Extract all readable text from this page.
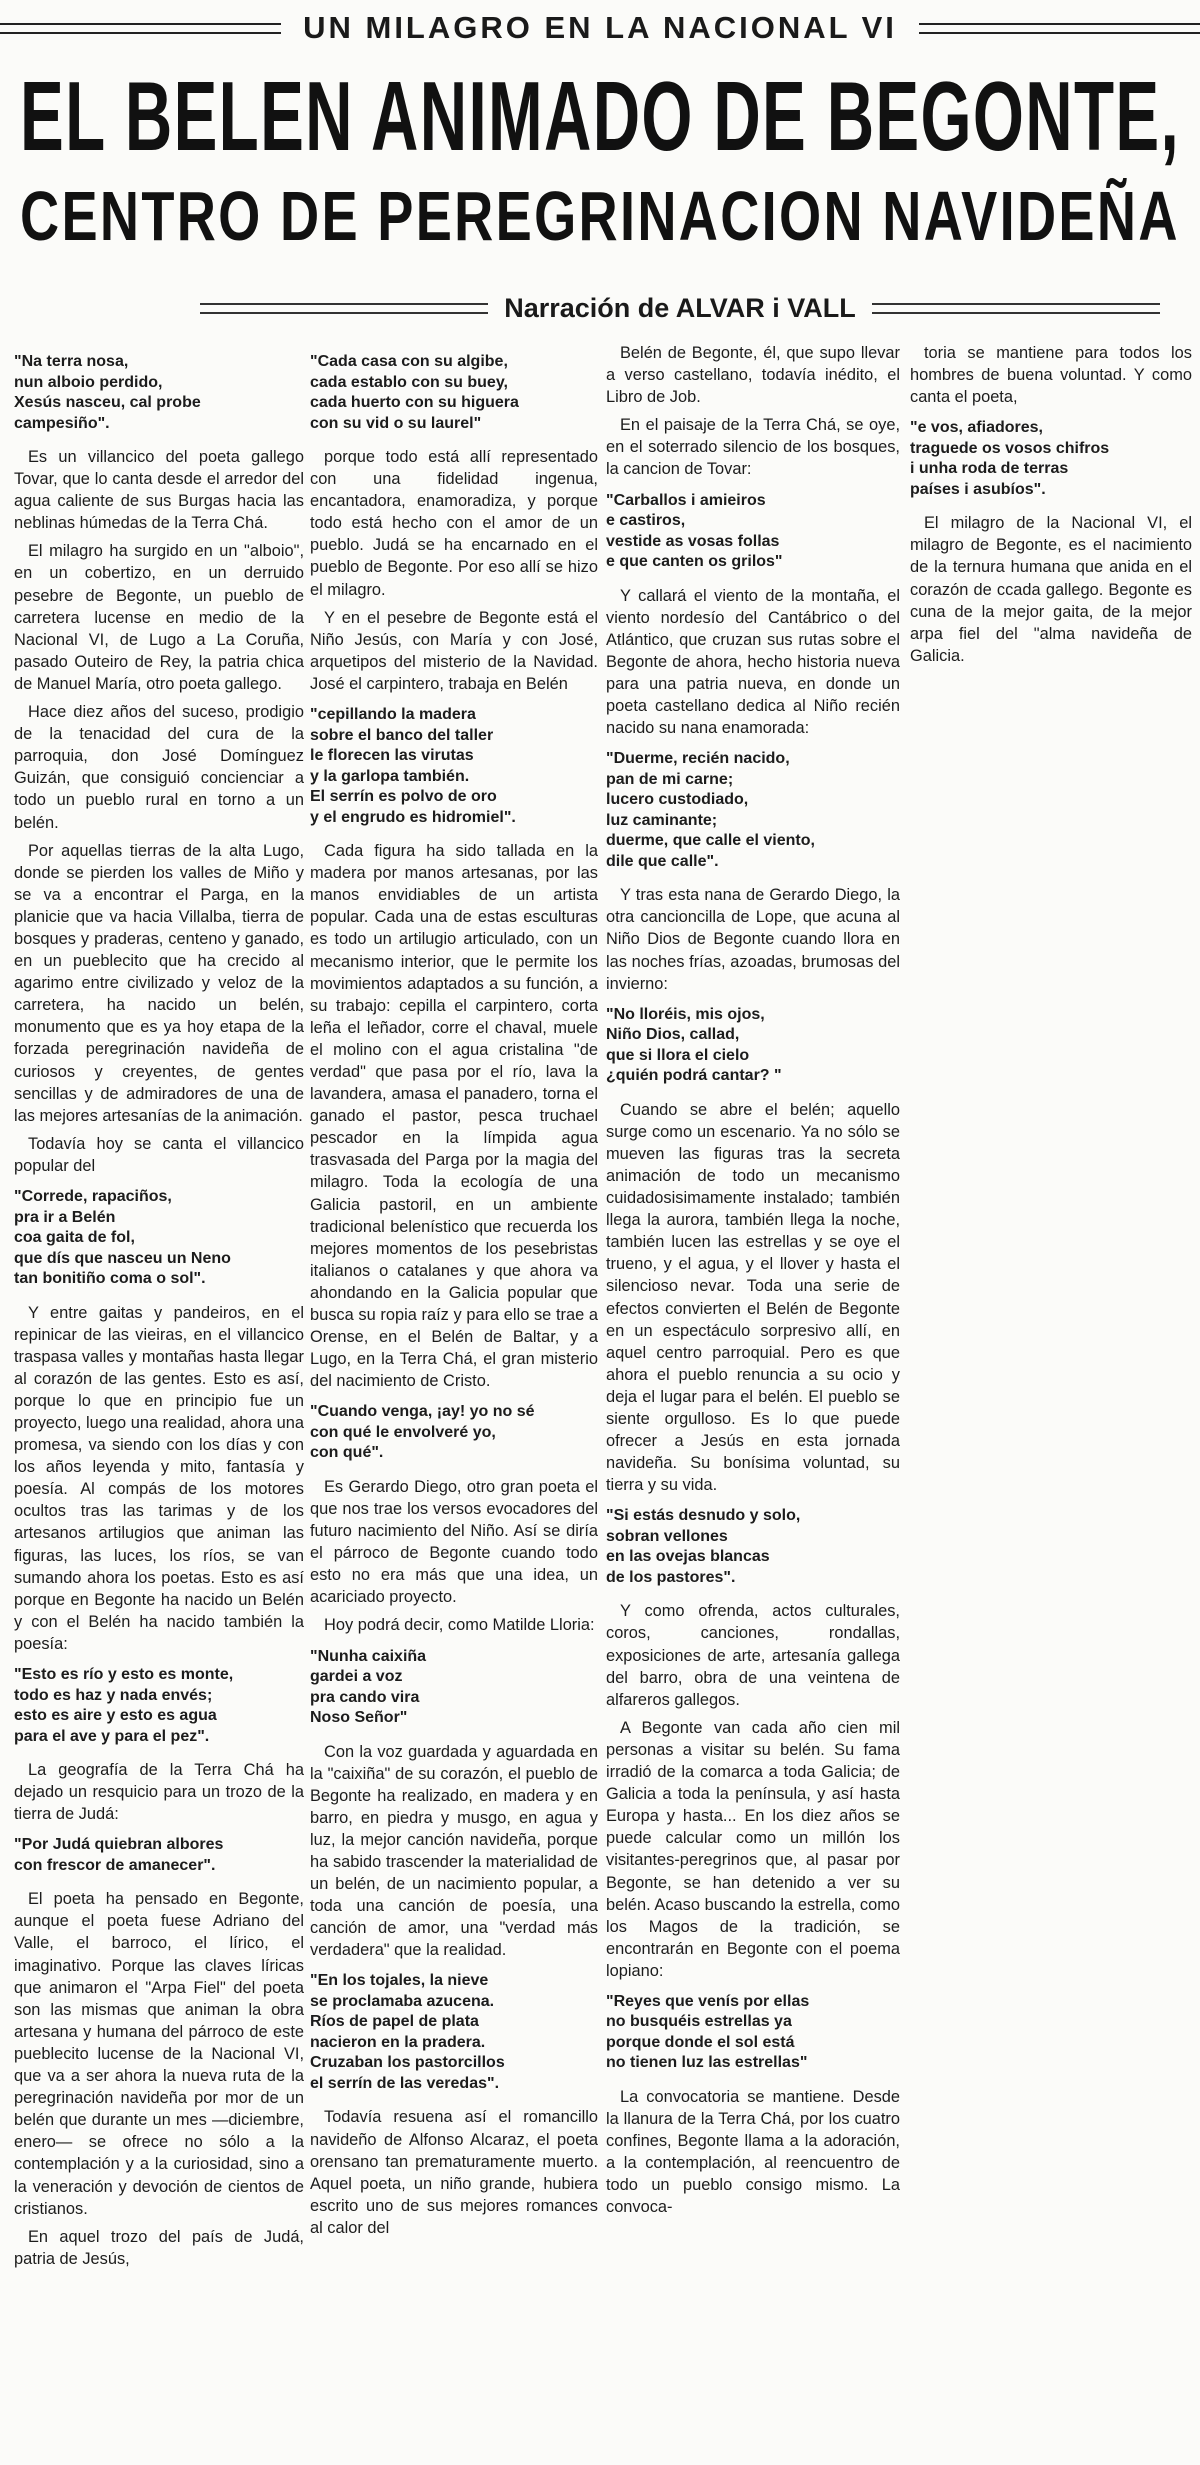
UN MILAGRO EN LA NACIONAL VI
EL BELEN ANIMADO DE BEGONTE,
CENTRO DE PEREGRINACION NAVIDEÑA
Narración de ALVAR i VALL

"Na terra nosa,
nun alboio perdido,
Xesús nasceu, cal probe
campesiño".

Es un villancico del poeta gallego Tovar, que lo canta desde el arredor del agua caliente de sus Burgas hacia las neblinas húmedas de la Terra Chá.

El milagro ha surgido en un "alboio", en un cobertizo, en un derruido pesebre de Begonte, un pueblo de carretera lucense en medio de la Nacional VI, de Lugo a La Coruña, pasado Outeiro de Rey, la patria chica de Manuel María, otro poeta gallego.

Hace diez años del suceso, prodigio de la tenacidad del cura de la parroquia, don José Domínguez Guizán, que consiguió concienciar a todo un pueblo rural en torno a un belén.

Por aquellas tierras de la alta Lugo, donde se pierden los valles de Miño y se va a encontrar el Parga, en la planicie que va hacia Villalba, tierra de bosques y praderas, centeno y ganado, en un pueblecito que ha crecido al agarimo entre civilizado y veloz de la carretera, ha nacido un belén, monumento que es ya hoy etapa de la forzada peregrinación navideña de curiosos y creyentes, de gentes sencillas y de admiradores de una de las mejores artesanías de la animación.

Todavía hoy se canta el villancico popular del

"Correde, rapaciños,
pra ir a Belén
coa gaita de fol,
que dís que nasceu un Neno
tan bonitiño coma o sol".

Y entre gaitas y pandeiros, en el repinicar de las vieiras, en el villancico traspasa valles y montañas hasta llegar al corazón de las gentes. Esto es así, porque lo que en principio fue un proyecto, luego una realidad, ahora una promesa, va siendo con los días y con los años leyenda y mito, fantasía y poesía. Al compás de los motores ocultos tras las tarimas y de los artesanos artilugios que animan las figuras, las luces, los ríos, se van sumando ahora los poetas. Esto es así porque en Begonte ha nacido un Belén y con el Belén ha nacido también la poesía:

"Esto es río y esto es monte,
todo es haz y nada envés;
esto es aire y esto es agua
para el ave y para el pez".

La geografía de la Terra Chá ha dejado un resquicio para un trozo de la tierra de Judá:

"Por Judá quiebran albores
con frescor de amanecer".

El poeta ha pensado en Begonte, aunque el poeta fuese Adriano del Valle, el barroco, el lírico, el imaginativo. Porque las claves líricas que animaron el "Arpa Fiel" del poeta son las mismas que animan la obra artesana y humana del párroco de este pueblecito lucense de la Nacional VI, que va a ser ahora la nueva ruta de la peregrinación navideña por mor de un belén que durante un mes —diciembre, enero— se ofrece no sólo a la contemplación y a la curiosidad, sino a la veneración y devoción de cientos de cristianos.

En aquel trozo del país de Judá, patria de Jesús,

"Cada casa con su algibe,
cada establo con su buey,
cada huerto con su higuera
con su vid o su laurel"

porque todo está allí representado con una fidelidad ingenua, encantadora, enamoradiza, y porque todo está hecho con el amor de un pueblo. Judá se ha encarnado en el pueblo de Begonte. Por eso allí se hizo el milagro.

Y en el pesebre de Begonte está el Niño Jesús, con María y con José, arquetipos del misterio de la Navidad. José el carpintero, trabaja en Belén

"cepillando la madera
sobre el banco del taller
le florecen las virutas
y la garlopa también.
El serrín es polvo de oro
y el engrudo es hidromiel".

Cada figura ha sido tallada en la madera por manos artesanas, por las manos envidiables de un artista popular. Cada una de estas esculturas es todo un artilugio articulado, con un mecanismo interior, que le permite los movimientos adaptados a su función, a su trabajo: cepilla el carpintero, corta leña el leñador, corre el chaval, muele el molino con el agua cristalina "de verdad" que pasa por el río, lava la lavandera, amasa el panadero, torna el ganado el pastor, pesca truchael pescador en la límpida agua trasvasada del Parga por la magia del milagro. Toda la ecología de una Galicia pastoril, en un ambiente tradicional belenístico que recuerda los mejores momentos de los pesebristas italianos o catalanes y que ahora va ahondando en la Galicia popular que busca su ropia raíz y para ello se trae a Orense, en el Belén de Baltar, y a Lugo, en la Terra Chá, el gran misterio del nacimiento de Cristo.

"Cuando venga, ¡ay! yo no sé
con qué le envolveré yo,
con qué".

Es Gerardo Diego, otro gran poeta el que nos trae los versos evocadores del futuro nacimiento del Niño. Así se diría el párroco de Begonte cuando todo esto no era más que una idea, un acariciado proyecto.

Hoy podrá decir, como Matilde Lloria:

"Nunha caixiña
gardei a voz
pra cando vira
Noso Señor"

Con la voz guardada y aguardada en la "caixiña" de su corazón, el pueblo de Begonte ha realizado, en madera y en barro, en piedra y musgo, en agua y luz, la mejor canción navideña, porque ha sabido trascender la materialidad de un belén, de un nacimiento popular, a toda una canción de poesía, una canción de amor, una "verdad más verdadera" que la realidad.

"En los tojales, la nieve
se proclamaba azucena.
Ríos de papel de plata
nacieron en la pradera.
Cruzaban los pastorcillos
el serrín de las veredas".

Todavía resuena así el romancillo navideño de Alfonso Alcaraz, el poeta orensano tan prematuramente muerto. Aquel poeta, un niño grande, hubiera escrito uno de sus mejores romances al calor del

Belén de Begonte, él, que supo llevar a verso castellano, todavía inédito, el Libro de Job.

En el paisaje de la Terra Chá, se oye, en el soterrado silencio de los bosques, la cancion de Tovar:

"Carballos i amieiros
e castiros,
vestide as vosas follas
e que canten os grilos"

Y callará el viento de la montaña, el viento nordesío del Cantábrico o del Atlántico, que cruzan sus rutas sobre el Begonte de ahora, hecho historia nueva para una patria nueva, en donde un poeta castellano dedica al Niño recién nacido su nana enamorada:

"Duerme, recién nacido,
pan de mi carne;
lucero custodiado,
luz caminante;
duerme, que calle el viento,
dile que calle".

Y tras esta nana de Gerardo Diego, la otra cancioncilla de Lope, que acuna al Niño Dios de Begonte cuando llora en las noches frías, azoadas, brumosas del invierno:

"No lloréis, mis ojos,
Niño Dios, callad,
que si llora el cielo
¿quién podrá cantar? "

Cuando se abre el belén; aquello surge como un escenario. Ya no sólo se mueven las figuras tras la secreta animación de todo un mecanismo cuidadosisimamente instalado; también llega la aurora, también llega la noche, también lucen las estrellas y se oye el trueno, y el agua, y el llover y hasta el silencioso nevar. Toda una serie de efectos convierten el Belén de Begonte en un espectáculo sorpresivo allí, en aquel centro parroquial. Pero es que ahora el pueblo renuncia a su ocio y deja el lugar para el belén. El pueblo se siente orgulloso. Es lo que puede ofrecer a Jesús en esta jornada navideña. Su bonísima voluntad, su tierra y su vida.

"Si estás desnudo y solo,
sobran vellones
en las ovejas blancas
de los pastores".

Y como ofrenda, actos culturales, coros, canciones, rondallas, exposiciones de arte, artesanía gallega del barro, obra de una veintena de alfareros gallegos.

A Begonte van cada año cien mil personas a visitar su belén. Su fama irradió de la comarca a toda Galicia; de Galicia a toda la península, y así hasta Europa y hasta... En los diez años se puede calcular como un millón los visitantes-peregrinos que, al pasar por Begonte, se han detenido a ver su belén. Acaso buscando la estrella, como los Magos de la tradición, se encontrarán en Begonte con el poema lopiano:

"Reyes que venís por ellas
no busquéis estrellas ya
porque donde el sol está
no tienen luz las estrellas"

La convocatoria se mantiene. Desde la llanura de la Terra Chá, por los cuatro confines, Begonte llama a la adoración, a la contemplación, al reencuentro de todo un pueblo consigo mismo. La convoca-

toria se mantiene para todos los hombres de buena voluntad. Y como canta el poeta,

"e vos, afiadores,
traguede os vosos chifros
i unha roda de terras
países i asubíos".

El milagro de la Nacional VI, el milagro de Begonte, es el nacimiento de la ternura humana que anida en el corazón de ccada gallego. Begonte es cuna de la mejor gaita, de la mejor arpa fiel del "alma navideña de Galicia.
